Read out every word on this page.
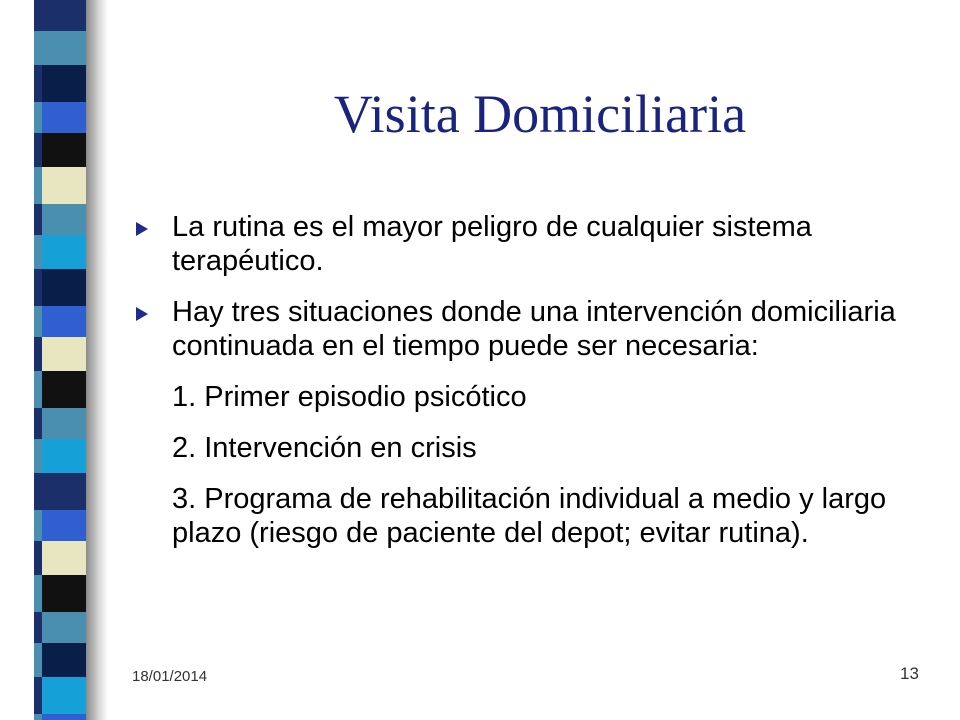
Visita Domiciliaria
La rutina es el mayor peligro de cualquier sistema terapéutico.
Hay tres situaciones donde una intervención domiciliaria continuada en el tiempo puede ser necesaria:
1. Primer episodio psicótico
2. Intervención en crisis
3. Programa de rehabilitación individual a medio y largo plazo (riesgo de paciente del depot; evitar rutina).
18/01/2014	13
